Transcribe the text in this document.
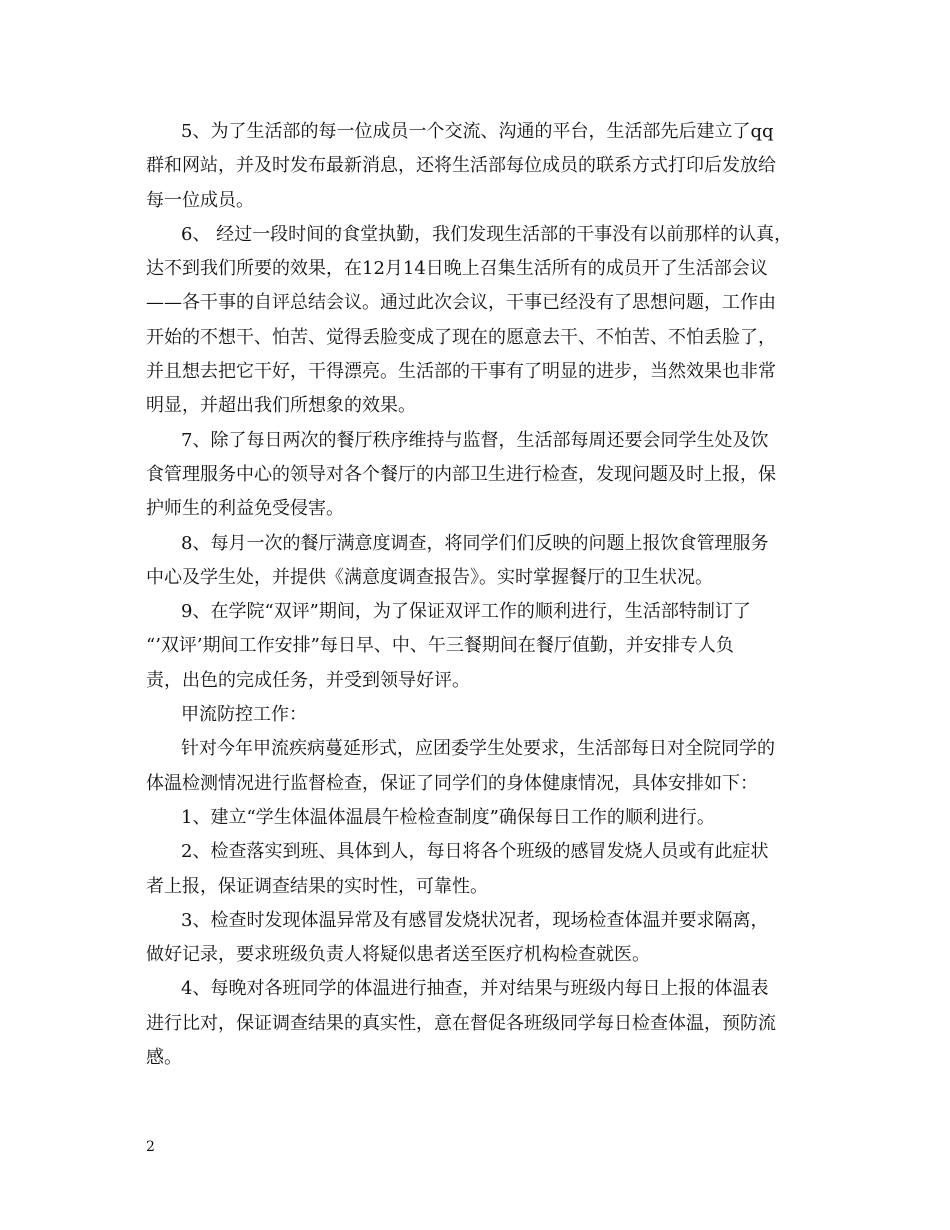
5、为了生活部的每一位成员一个交流、沟通的平台，生活部先后建立了qq
群和网站，并及时发布最新消息，还将生活部每位成员的联系方式打印后发放给
每一位成员。
6、 经过一段时间的食堂执勤，我们发现生活部的干事没有以前那样的认真，
达不到我们所要的效果，在12月14日晚上召集生活所有的成员开了生活部会议
——各干事的自评总结会议。通过此次会议，干事已经没有了思想问题，工作由
开始的不想干、怕苦、觉得丢脸变成了现在的愿意去干、不怕苦、不怕丢脸了，
并且想去把它干好，干得漂亮。生活部的干事有了明显的进步，当然效果也非常
明显，并超出我们所想象的效果。
7、除了每日两次的餐厅秩序维持与监督，生活部每周还要会同学生处及饮
食管理服务中心的领导对各个餐厅的内部卫生进行检查，发现问题及时上报，保
护师生的利益免受侵害。
8、每月一次的餐厅满意度调查，将同学们们反映的问题上报饮食管理服务
中心及学生处，并提供《满意度调查报告》。实时掌握餐厅的卫生状况。
9、在学院“双评”期间，为了保证双评工作的顺利进行，生活部特制订了
“’双评’期间工作安排”每日早、中、午三餐期间在餐厅值勤，并安排专人负
责，出色的完成任务，并受到领导好评。
甲流防控工作：
针对今年甲流疾病蔓延形式，应团委学生处要求，生活部每日对全院同学的
体温检测情况进行监督检查，保证了同学们的身体健康情况，具体安排如下：
1、建立“学生体温体温晨午检检查制度”确保每日工作的顺利进行。
2、检查落实到班、具体到人，每日将各个班级的感冒发烧人员或有此症状
者上报，保证调查结果的实时性，可靠性。
3、检查时发现体温异常及有感冒发烧状况者，现场检查体温并要求隔离，
做好记录，要求班级负责人将疑似患者送至医疗机构检查就医。
4、每晚对各班同学的体温进行抽查，并对结果与班级内每日上报的体温表
进行比对，保证调查结果的真实性，意在督促各班级同学每日检查体温，预防流
感。
2
